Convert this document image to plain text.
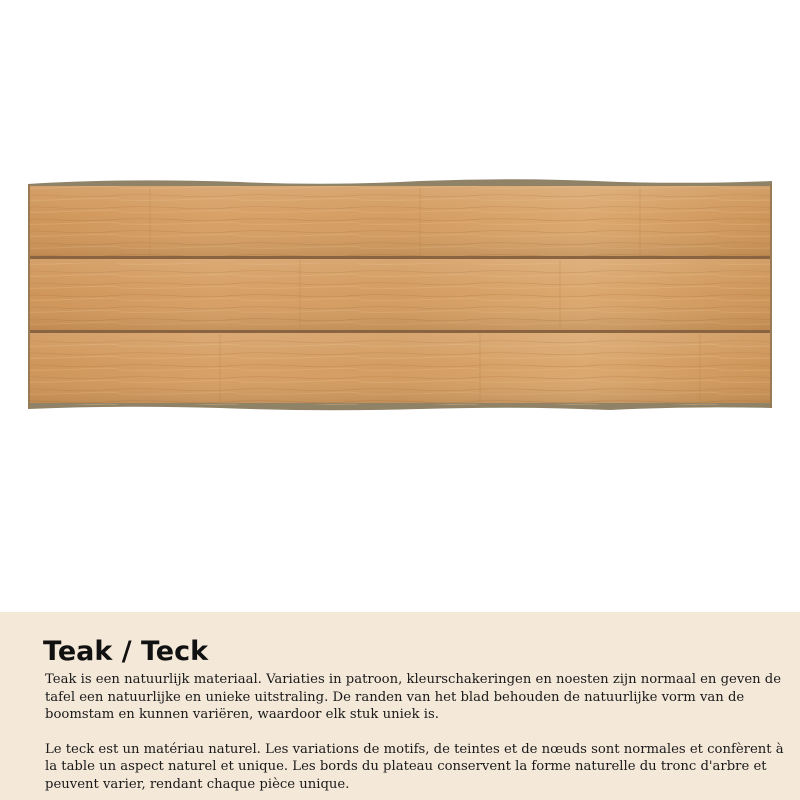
Teak / Teck

Teak is een natuurlijk materiaal. Variaties in patroon, kleurschakeringen en noesten zijn normaal en geven de tafel een natuurlijke en unieke uitstraling. De randen van het blad behouden de natuurlijke vorm van de boomstam en kunnen variëren, waardoor elk stuk uniek is.

Le teck est un matériau naturel. Les variations de motifs, de teintes et de nœuds sont normales et confèrent à la table un aspect naturel et unique. Les bords du plateau conservent la forme naturelle du tronc d'arbre et peuvent varier, rendant chaque pièce unique.
